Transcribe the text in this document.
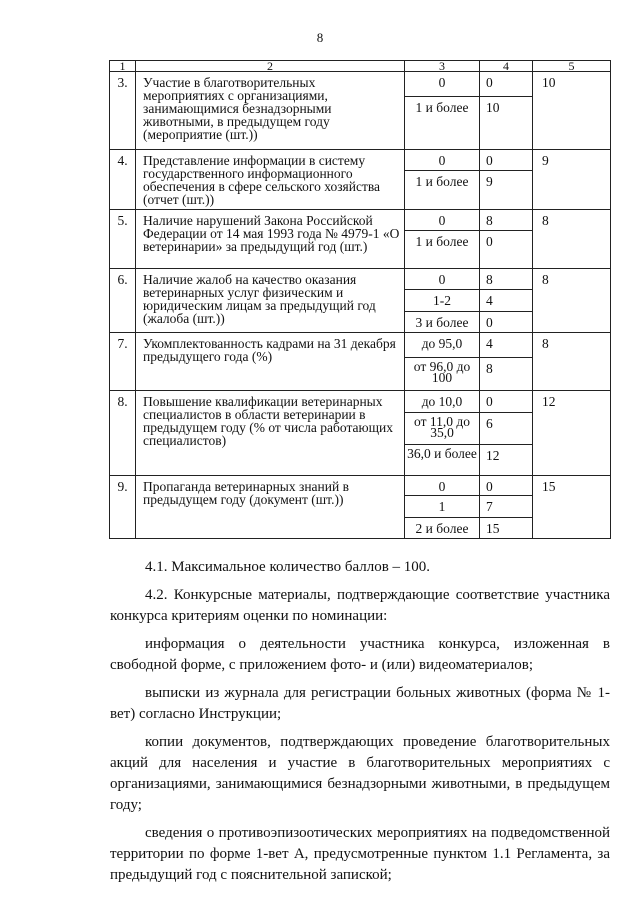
8
1	2	3	4	5
3.	Участие в благотворительных мероприятиях с организациями, занимающимися безнадзорными животными, в предыдущем году (мероприятие (шт.))	0	0	10
		1 и более	10	
4.	Представление информации в систему государственного информационного обеспечения в сфере сельского хозяйства (отчет (шт.))	0	0	9
		1 и более	9	
5.	Наличие нарушений Закона Российской Федерации от 14 мая 1993 года № 4979-1 «О ветеринарии» за предыдущий год (шт.)	0	8	8
		1 и более	0	
6.	Наличие жалоб на качество оказания ветеринарных услуг физическим и юридическим лицам за предыдущий год (жалоба (шт.))	0	8	8
		1-2	4	
		3 и более	0	
7.	Укомплектованность кадрами на 31 декабря предыдущего года (%)	до 95,0	4	8
		от 96,0 до 100	8	
8.	Повышение квалификации ветеринарных специалистов в области ветеринарии в предыдущем году (% от числа работающих специалистов)	до 10,0	0	12
		от 11,0 до 35,0	6	
		36,0 и более	12	
9.	Пропаганда ветеринарных знаний в предыдущем году (документ (шт.))	0	0	15
		1	7	
		2 и более	15	

4.1. Максимальное количество баллов – 100.

4.2. Конкурсные материалы, подтверждающие соответствие участника конкурса критериям оценки по номинации:

информация о деятельности участника конкурса, изложенная в свободной форме, с приложением фото- и (или) видеоматериалов;

выписки из журнала для регистрации больных животных (форма № 1-вет) согласно Инструкции;

копии документов, подтверждающих проведение благотворительных акций для населения и участие в благотворительных мероприятиях с организациями, занимающимися безнадзорными животными, в предыдущем году;

сведения о противоэпизоотических мероприятиях на подведомственной территории по форме 1-вет А, предусмотренные пунктом 1.1 Регламента, за предыдущий год с пояснительной запиской;
